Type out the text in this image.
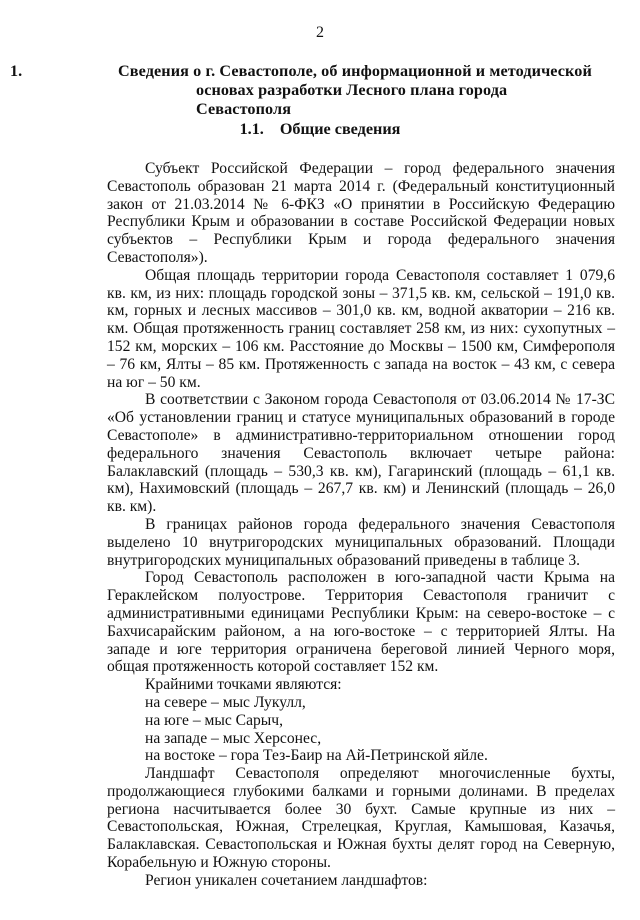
2
1.	Сведения о г. Севастополе, об информационной и методической
основах разработки Лесного плана города Севастополя
1.1. Общие сведения

Субъект Российской Федерации – город федерального значения Севастополь образован 21 марта 2014 г. (Федеральный конституционный закон от 21.03.2014 № 6-ФКЗ «О принятии в Российскую Федерацию Республики Крым и образовании в составе Российской Федерации новых субъектов – Республики Крым и города федерального значения Севастополя»).

Общая площадь территории города Севастополя составляет 1 079,6 кв. км, из них: площадь городской зоны – 371,5 кв. км, сельской – 191,0 кв. км, горных и лесных массивов – 301,0 кв. км, водной акватории – 216 кв. км. Общая протяженность границ составляет 258 км, из них: сухопутных – 152 км, морских – 106 км. Расстояние до Москвы – 1500 км, Симферополя – 76 км, Ялты – 85 км. Протяженность с запада на восток – 43 км, с севера на юг – 50 км.

В соответствии с Законом города Севастополя от 03.06.2014 № 17-ЗС «Об установлении границ и статусе муниципальных образований в городе Севастополе» в административно-территориальном отношении город федерального значения Севастополь включает четыре района: Балаклавский (площадь – 530,3 кв. км), Гагаринский (площадь – 61,1 кв. км), Нахимовский (площадь – 267,7 кв. км) и Ленинский (площадь – 26,0 кв. км).

В границах районов города федерального значения Севастополя выделено 10 внутригородских муниципальных образований. Площади внутригородских муниципальных образований приведены в таблице 3.

Город Севастополь расположен в юго-западной части Крыма на Гераклейском полуострове. Территория Севастополя граничит с административными единицами Республики Крым: на северо-востоке – с Бахчисарайским районом, а на юго-востоке – с территорией Ялты. На западе и юге территория ограничена береговой линией Черного моря, общая протяженность которой составляет 152 км.

Крайними точками являются:

на севере – мыс Лукулл,

на юге – мыс Сарыч,

на западе – мыс Херсонес,

на востоке – гора Тез-Баир на Ай-Петринской яйле.

Ландшафт Севастополя определяют многочисленные бухты, продолжающиеся глубокими балками и горными долинами. В пределах региона насчитывается более 30 бухт. Самые крупные из них – Севастопольская, Южная, Стрелецкая, Круглая, Камышовая, Казачья, Балаклавская. Севастопольская и Южная бухты делят город на Северную, Корабельную и Южную стороны.

Регион уникален сочетанием ландшафтов:
